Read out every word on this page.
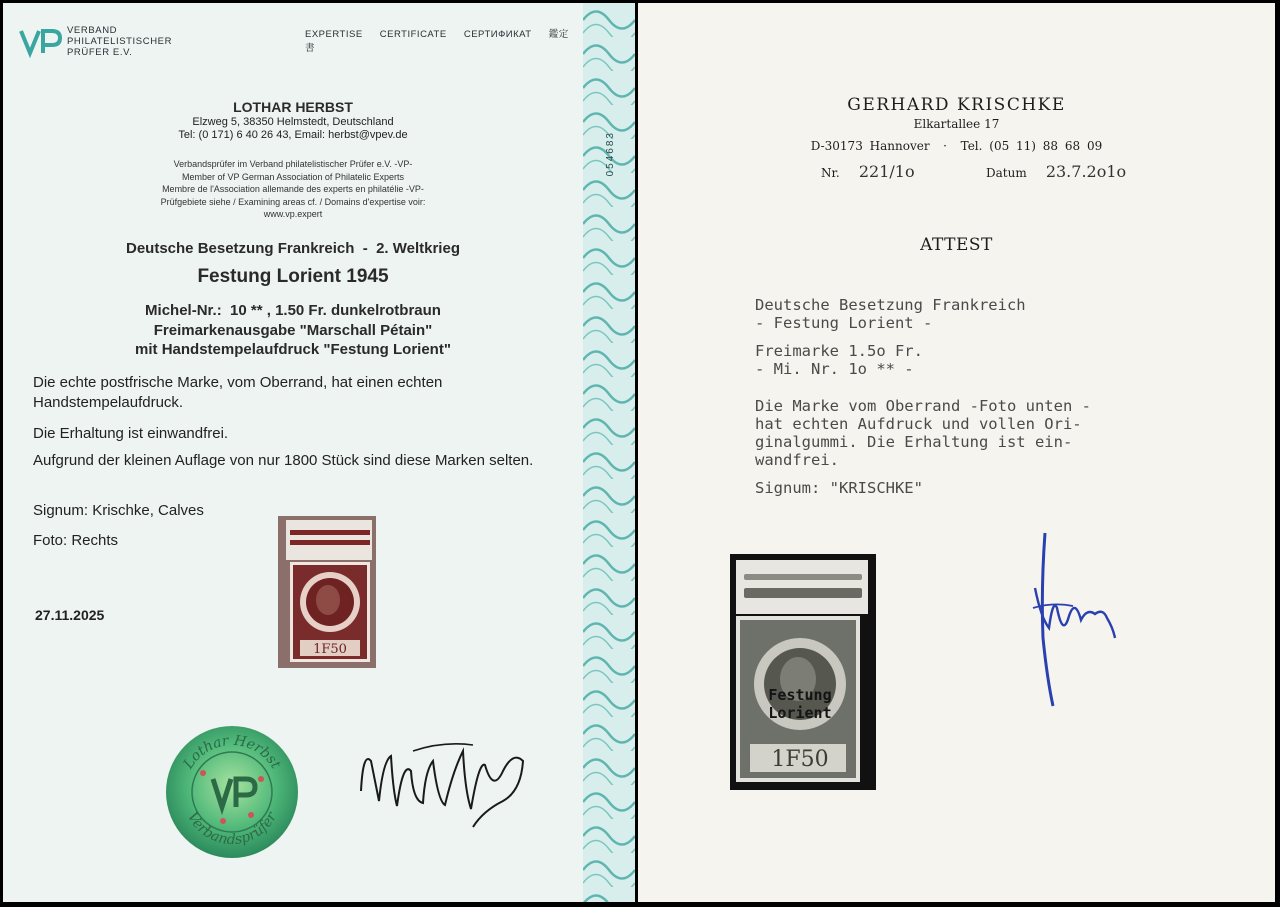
VERBAND
PHILATELISTISCHER
PRÜFER E.V.
EXPERTISE CERTIFICATE СЕРТИФИКАТ 鑑定書
LOTHAR HERBST
Elzweg 5, 38350 Helmstedt, Deutschland
Tel: (0 171) 6 40 26 43, Email: herbst@vpev.de
Verbandsprüfer im Verband philatelistischer Prüfer e.V. -VP-
Member of VP German Association of Philatelic Experts
Membre de l'Association allemande des experts en philatélie -VP-
Prüfgebiete siehe / Examining areas cf. / Domains d'expertise voir:
www.vp.expert
Deutsche Besetzung Frankreich  -  2. Weltkrieg
Festung Lorient 1945
Michel-Nr.:  10 ** , 1.50 Fr. dunkelrotbraun
Freimarkenausgabe "Marschall Pétain"
mit Handstempelaufdruck "Festung Lorient"
Die echte postfrische Marke, vom Oberrand, hat einen echten Handstempelaufdruck.
Die Erhaltung ist einwandfrei.
Aufgrund der kleinen Auflage von nur 1800 Stück sind diese Marken selten.
Signum: Krischke, Calves
Foto: Rechts
1F50
27.11.2025
Lothar Herbst
Verbandsprüfer
054683
GERHARD KRISCHKE
Elkartallee 17
D-30173 Hannover  ·  Tel. (05 11) 88 68 09
Nr. 221/1o	Datum 23.7.2o1o
ATTEST
Deutsche Besetzung Frankreich
- Festung Lorient -
Freimarke 1.5o Fr.
- Mi. Nr. 1o ** -
Die Marke vom Oberrand -Foto unten -
hat echten Aufdruck und vollen Ori-
ginalgummi. Die Erhaltung ist ein-
wandfrei.
Signum: "KRISCHKE"
1F50
Festung
Lorient
